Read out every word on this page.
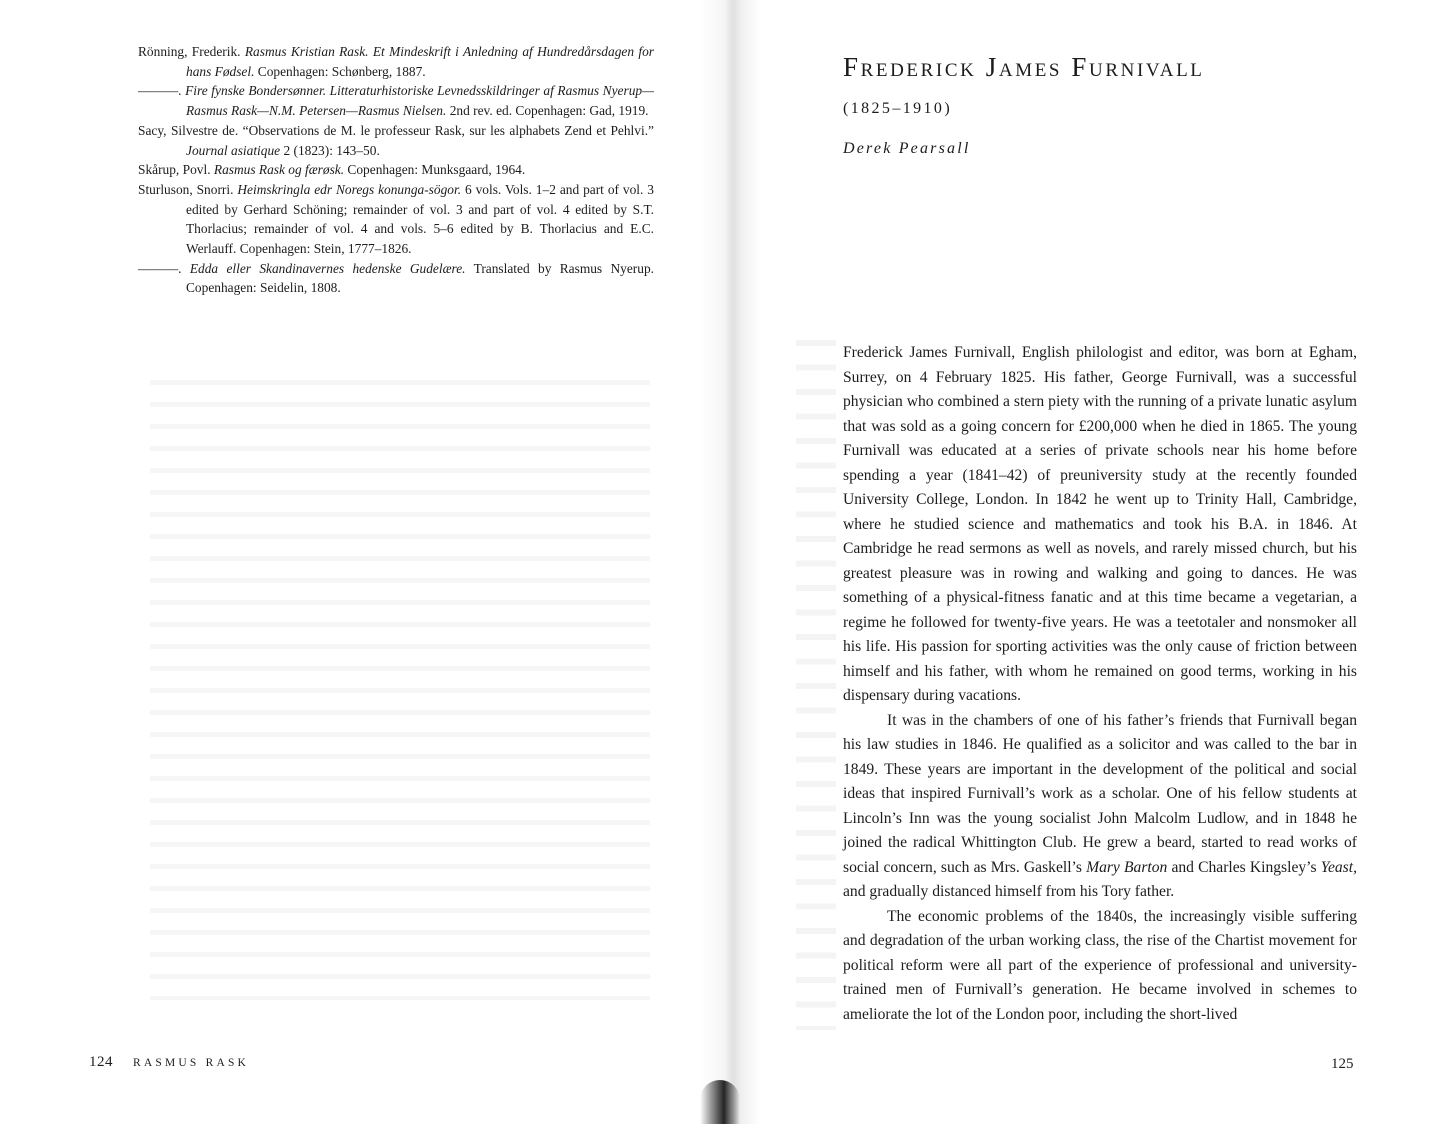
Rönning, Frederik. Rasmus Kristian Rask. Et Mindeskrift i Anledning af Hundredårsdagen for hans Fødsel. Copenhagen: Schønberg, 1887.

———. Fire fynske Bondersønner. Litteraturhistoriske Levnedsskildringer af Rasmus Nyerup—Rasmus Rask—N.M. Petersen—Rasmus Nielsen. 2nd rev. ed. Copenhagen: Gad, 1919.

Sacy, Silvestre de. “Observations de M. le professeur Rask, sur les alphabets Zend et Pehlvi.” Journal asiatique 2 (1823): 143–50.

Skårup, Povl. Rasmus Rask og færøsk. Copenhagen: Munksgaard, 1964.

Sturluson, Snorri. Heimskringla edr Noregs konunga-sögor. 6 vols. Vols. 1–2 and part of vol. 3 edited by Gerhard Schöning; remainder of vol. 3 and part of vol. 4 edited by S.T. Thorlacius; remainder of vol. 4 and vols. 5–6 edited by B. Thorlacius and E.C. Werlauff. Copenhagen: Stein, 1777–1826.

———. Edda eller Skandinavernes hedenske Gudelære. Translated by Rasmus Nyerup. Copenhagen: Seidelin, 1808.

124 RASMUS RASK
Frederick James Furnivall
(1825–1910)
Derek Pearsall

Frederick James Furnivall, English philologist and editor, was born at Egham, Surrey, on 4 February 1825. His father, George Furnivall, was a successful physician who combined a stern piety with the running of a private lunatic asylum that was sold as a going concern for £200,000 when he died in 1865. The young Furnivall was educated at a series of private schools near his home before spending a year (1841–42) of preuniversity study at the recently founded University College, London. In 1842 he went up to Trinity Hall, Cambridge, where he studied science and mathematics and took his B.A. in 1846. At Cambridge he read sermons as well as novels, and rarely missed church, but his greatest pleasure was in rowing and walking and going to dances. He was something of a physical-fitness fanatic and at this time became a vegetarian, a regime he followed for twenty-five years. He was a teetotaler and nonsmoker all his life. His passion for sporting activities was the only cause of friction between himself and his father, with whom he remained on good terms, working in his dispensary during vacations.

It was in the chambers of one of his father’s friends that Furnivall began his law studies in 1846. He qualified as a solicitor and was called to the bar in 1849. These years are important in the development of the political and social ideas that inspired Furnivall’s work as a scholar. One of his fellow students at Lincoln’s Inn was the young socialist John Malcolm Ludlow, and in 1848 he joined the radical Whittington Club. He grew a beard, started to read works of social concern, such as Mrs. Gaskell’s Mary Barton and Charles Kingsley’s Yeast, and gradually distanced himself from his Tory father.

The economic problems of the 1840s, the increasingly visible suffering and degradation of the urban working class, the rise of the Chartist movement for political reform were all part of the experience of professional and university-trained men of Furnivall’s generation. He became involved in schemes to ameliorate the lot of the London poor, including the short-lived

125
